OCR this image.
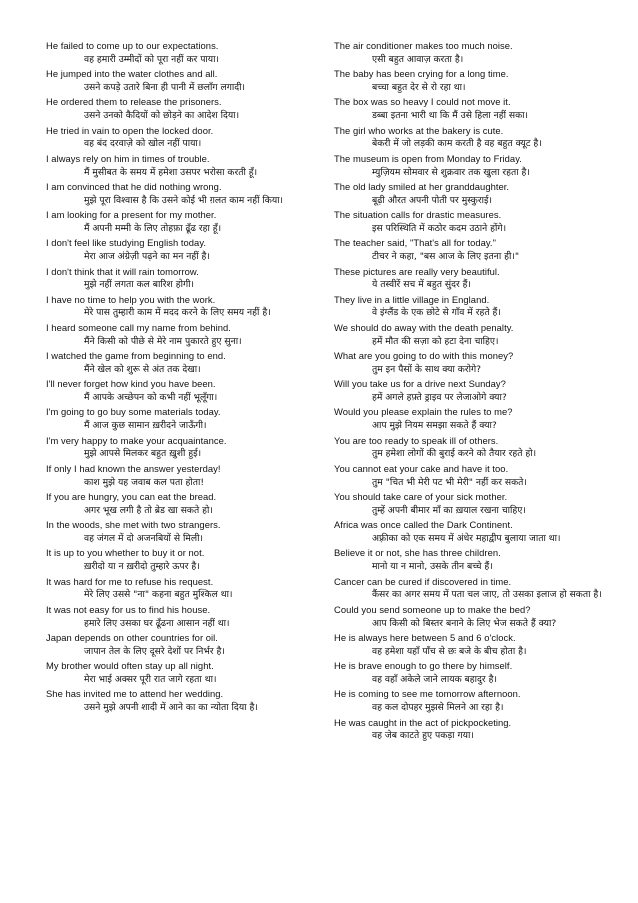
He failed to come up to our expectations.
वह हमारी उम्मीदों को पूरा नहीं कर पाया।
He jumped into the water clothes and all.
उसने कपड़े उतारे बिना ही पानी में छलाँग लगादी।
He ordered them to release the prisoners.
उसने उनको कैदियों को छोड़ने का आदेश दिया।
He tried in vain to open the locked door.
वह बंद दरवाज़े को खोल नहीं पाया।
I always rely on him in times of trouble.
मैं मुसीबत के समय में हमेशा उसपर भरोसा करती हूँ।
I am convinced that he did nothing wrong.
मुझे पूरा विश्वास है कि उसने कोई भी ग़लत काम नहीं किया।
I am looking for a present for my mother.
मैं अपनी मम्मी के लिए तोहफ़ा ढूँढ रहा हूँ।
I don't feel like studying English today.
मेरा आज अंग्रेज़ी पढ़ने का मन नहीं है।
I don't think that it will rain tomorrow.
मुझे नहीं लगता कल बारिश होगी।
I have no time to help you with the work.
मेरे पास तुम्हारी काम में मदद करने के लिए समय नहीं है।
I heard someone call my name from behind.
मैंने किसी को पीछे से मेरे नाम पुकारते हुए सुना।
I watched the game from beginning to end.
मैंने खेल को शुरू से अंत तक देखा।
I'll never forget how kind you have been.
मैं आपके अच्छेपन को कभी नहीं भूलूँगा।
I'm going to go buy some materials today.
मैं आज कुछ सामान ख़रीदने जाऊँगी।
I'm very happy to make your acquaintance.
मुझे आपसे मिलकर बहुत ख़ुशी हुई।
If only I had known the answer yesterday!
काश मुझे यह जवाब कल पता होता!
If you are hungry, you can eat the bread.
अगर भूख लगी है तो ब्रेड खा सकते हो।
In the woods, she met with two strangers.
वह जंगल में दो अजनबियों से मिली।
It is up to you whether to buy it or not.
ख़रीदो या न ख़रीदो तुम्हारे ऊपर है।
It was hard for me to refuse his request.
मेरे लिए उससे "ना" कहना बहुत मुश्किल था।
It was not easy for us to find his house.
हमारे लिए उसका घर ढूँढना आसान नहीं था।
Japan depends on other countries for oil.
जापान तेल के लिए दूसरे देशों पर निर्भर है।
My brother would often stay up all night.
मेरा भाई अक्सर पूरी रात जागे रहता था।
She has invited me to attend her wedding.
उसने मुझे अपनी शादी में आने का का न्योता दिया है।
The air conditioner makes too much noise.
एसी बहुत आवाज़ करता है।
The baby has been crying for a long time.
बच्चा बहुत देर से रो रहा था।
The box was so heavy I could not move it.
डब्बा इतना भारी था कि मैं उसे हिला नहीं सका।
The girl who works at the bakery is cute.
बेकरी में जो लड़की काम करती है वह बहुत क्यूट है।
The museum is open from Monday to Friday.
म्युज़ियम सोमवार से शुक्रवार तक खुला रहता है।
The old lady smiled at her granddaughter.
बूढ़ी औरत अपनी पोती पर मुस्कुराई।
The situation calls for drastic measures.
इस परिस्थिति में कठोर कदम उठाने होंगे।
The teacher said, "That's all for today."
टीचर ने कहा, "बस आज के लिए इतना ही।"
These pictures are really very beautiful.
ये तस्वीरें सच में बहुत सुंदर हैं।
They live in a little village in England.
वे इंग्लैंड के एक छोटे से गाँव में रहते हैं।
We should do away with the death penalty.
हमें मौत की सज़ा को हटा देना चाहिए।
What are you going to do with this money?
तुम इन पैसों के साथ क्या करोगे?
Will you take us for a drive next Sunday?
हमें अगले हफ़्ते ड्राइव पर लेजाओगे क्या?
Would you please explain the rules to me?
आप मुझे नियम समझा सकते हैं क्या?
You are too ready to speak ill of others.
तुम हमेशा लोगों की बुराई करने को तैयार रहते हो।
You cannot eat your cake and have it too.
तुम "चित भी मेरी पट भी मेरी" नहीं कर सकते।
You should take care of your sick mother.
तुम्हें अपनी बीमार माँ का ख़याल रखना चाहिए।
Africa was once called the Dark Continent.
अफ़्रीका को एक समय में अंधेर महाद्वीप बुलाया जाता था।
Believe it or not, she has three children.
मानो या न मानो, उसके तीन बच्चे हैं।
Cancer can be cured if discovered in time.
कैंसर का अगर समय में पता चल जाए, तो उसका इलाज हो सकता है।
Could you send someone up to make the bed?
आप किसी को बिस्तर बनाने के लिए भेज सकते हैं क्या?
He is always here between 5 and 6 o'clock.
वह हमेशा यहाँ पाँच से छः बजे के बीच होता है।
He is brave enough to go there by himself.
वह वहाँ अकेले जाने लायक बहादुर है।
He is coming to see me tomorrow afternoon.
वह कल दोपहर मुझसे मिलने आ रहा है।
He was caught in the act of pickpocketing.
वह जेब काटते हुए पकड़ा गया।
